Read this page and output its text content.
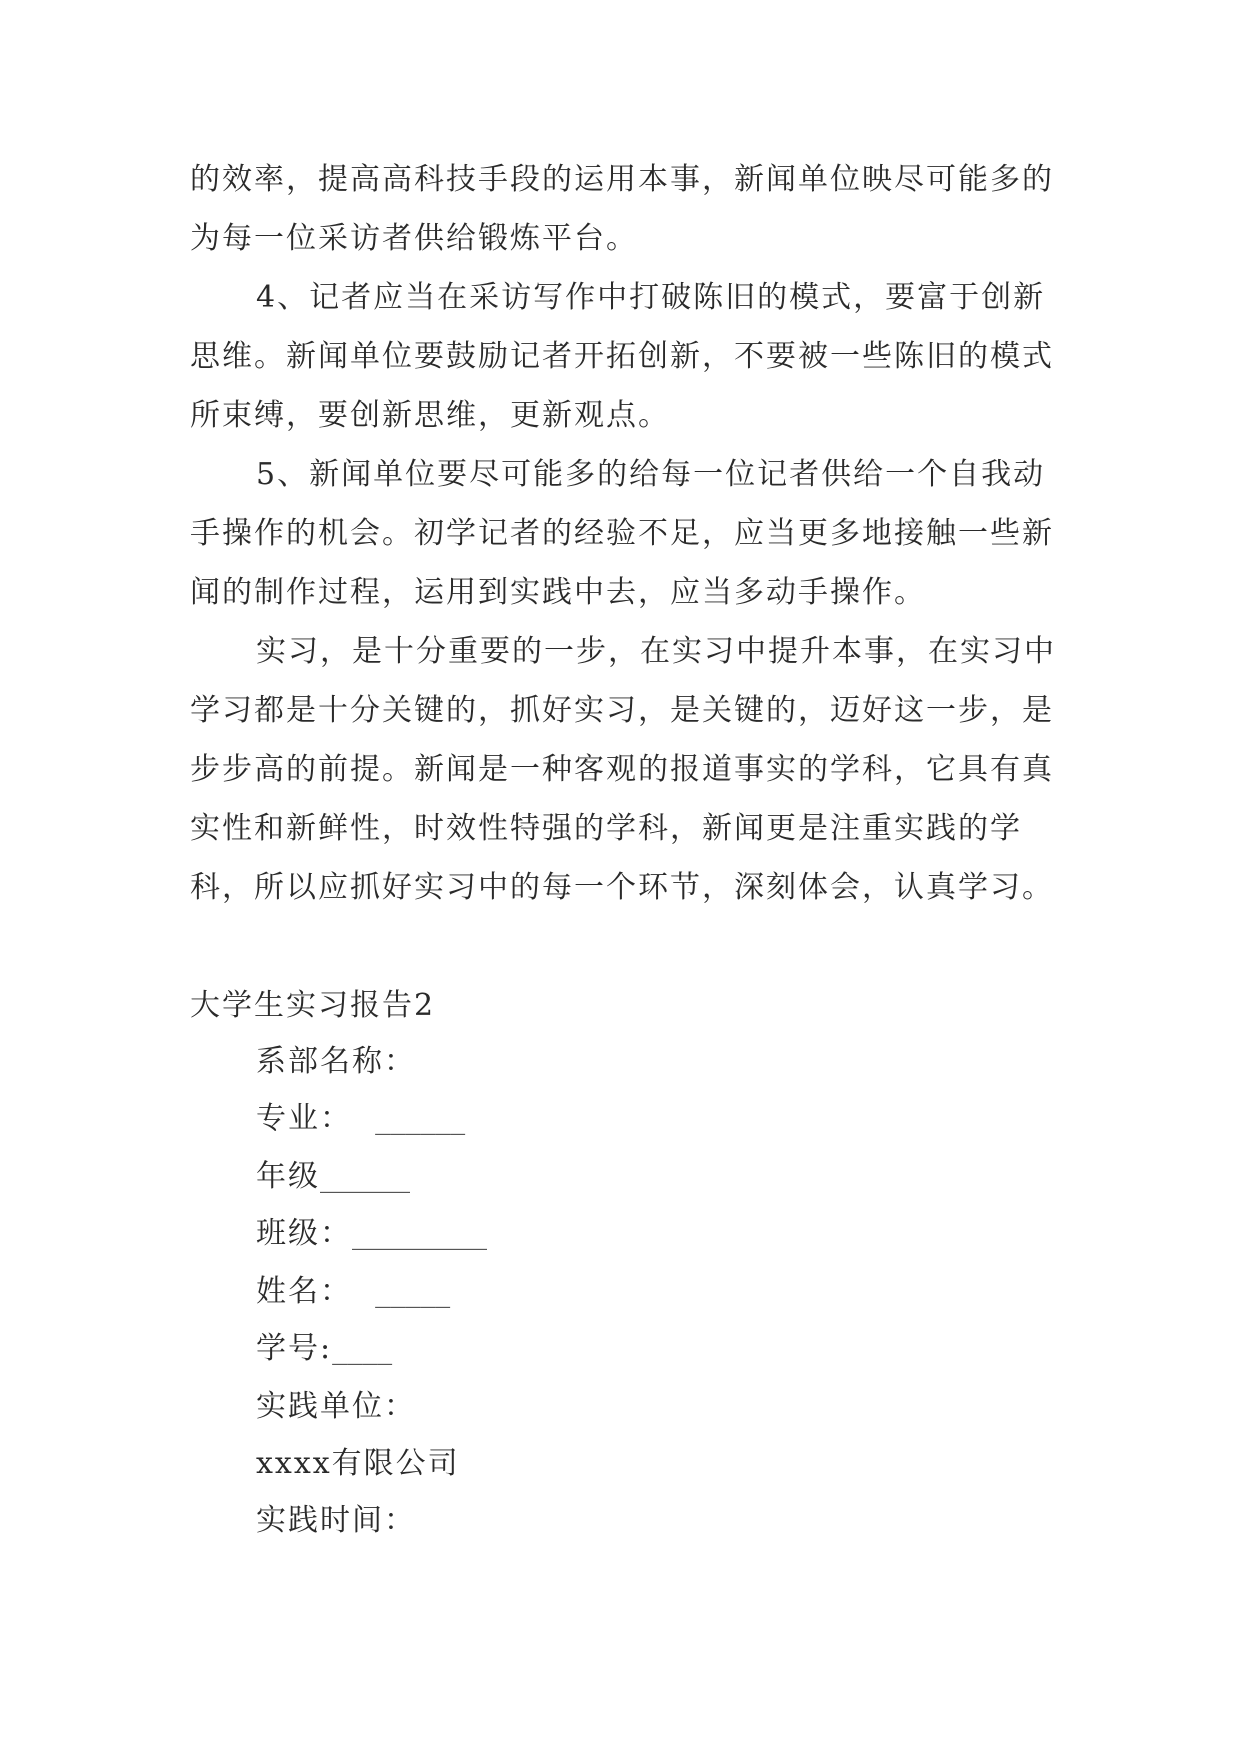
的效率，提高高科技手段的运用本事，新闻单位映尽可能多的为每一位采访者供给锻炼平台。

4、记者应当在采访写作中打破陈旧的模式，要富于创新思维。新闻单位要鼓励记者开拓创新，不要被一些陈旧的模式所束缚，要创新思维，更新观点。

5、新闻单位要尽可能多的给每一位记者供给一个自我动手操作的机会。初学记者的经验不足，应当更多地接触一些新闻的制作过程，运用到实践中去，应当多动手操作。

实习，是十分重要的一步，在实习中提升本事，在实习中学习都是十分关键的，抓好实习，是关键的，迈好这一步，是步步高的前提。新闻是一种客观的报道事实的学科，它具有真实性和新鲜性，时效性特强的学科，新闻更是注重实践的学科，所以应抓好实习中的每一个环节，深刻体会，认真学习。

大学生实习报告2
系部名称：
专业： ______
年级______
班级：_________
姓名： _____
学号:____
实践单位：
xxxx有限公司
实践时间：
